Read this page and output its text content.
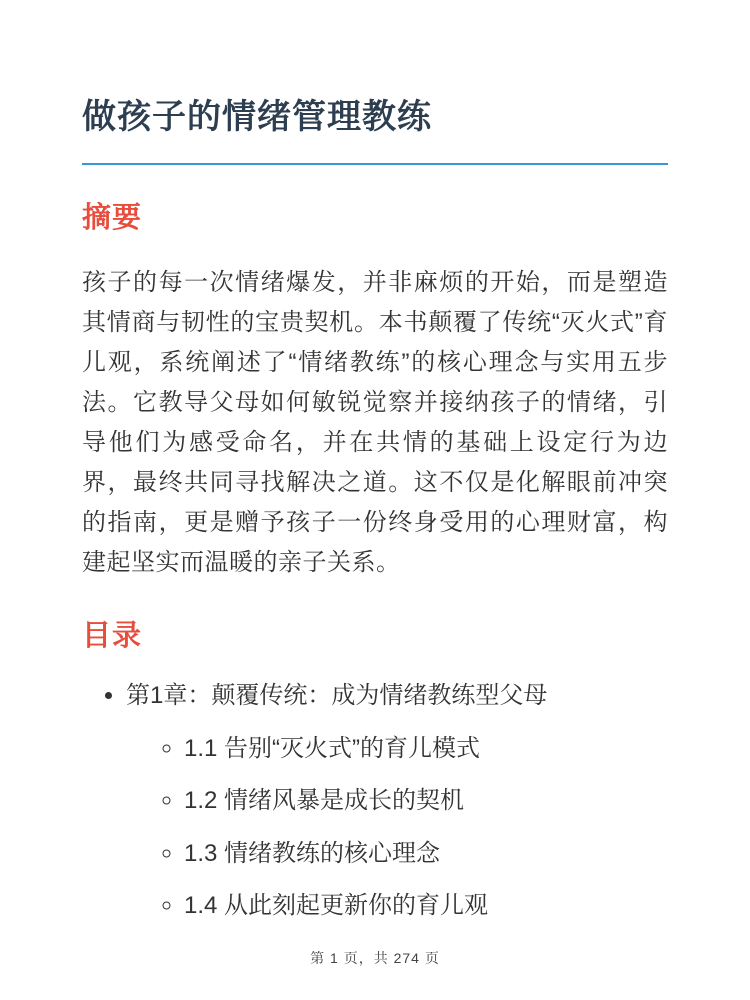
做孩子的情绪管理教练
摘要

孩子的每一次情绪爆发，并非麻烦的开始，而是塑造其情商与韧性的宝贵契机。本书颠覆了传统“灭火式”育儿观，系统阐述了“情绪教练”的核心理念与实用五步法。它教导父母如何敏锐觉察并接纳孩子的情绪，引导他们为感受命名，并在共情的基础上设定行为边界，最终共同寻找解决之道。这不仅是化解眼前冲突的指南，更是赠予孩子一份终身受用的心理财富，构建起坚实而温暖的亲子关系。

目录
• 第1章：颠覆传统：成为情绪教练型父母
◦ 1.1 告别“灭火式”的育儿模式
◦ 1.2 情绪风暴是成长的契机
◦ 1.3 情绪教练的核心理念
◦ 1.4 从此刻起更新你的育儿观
第 1 页，共 274 页
